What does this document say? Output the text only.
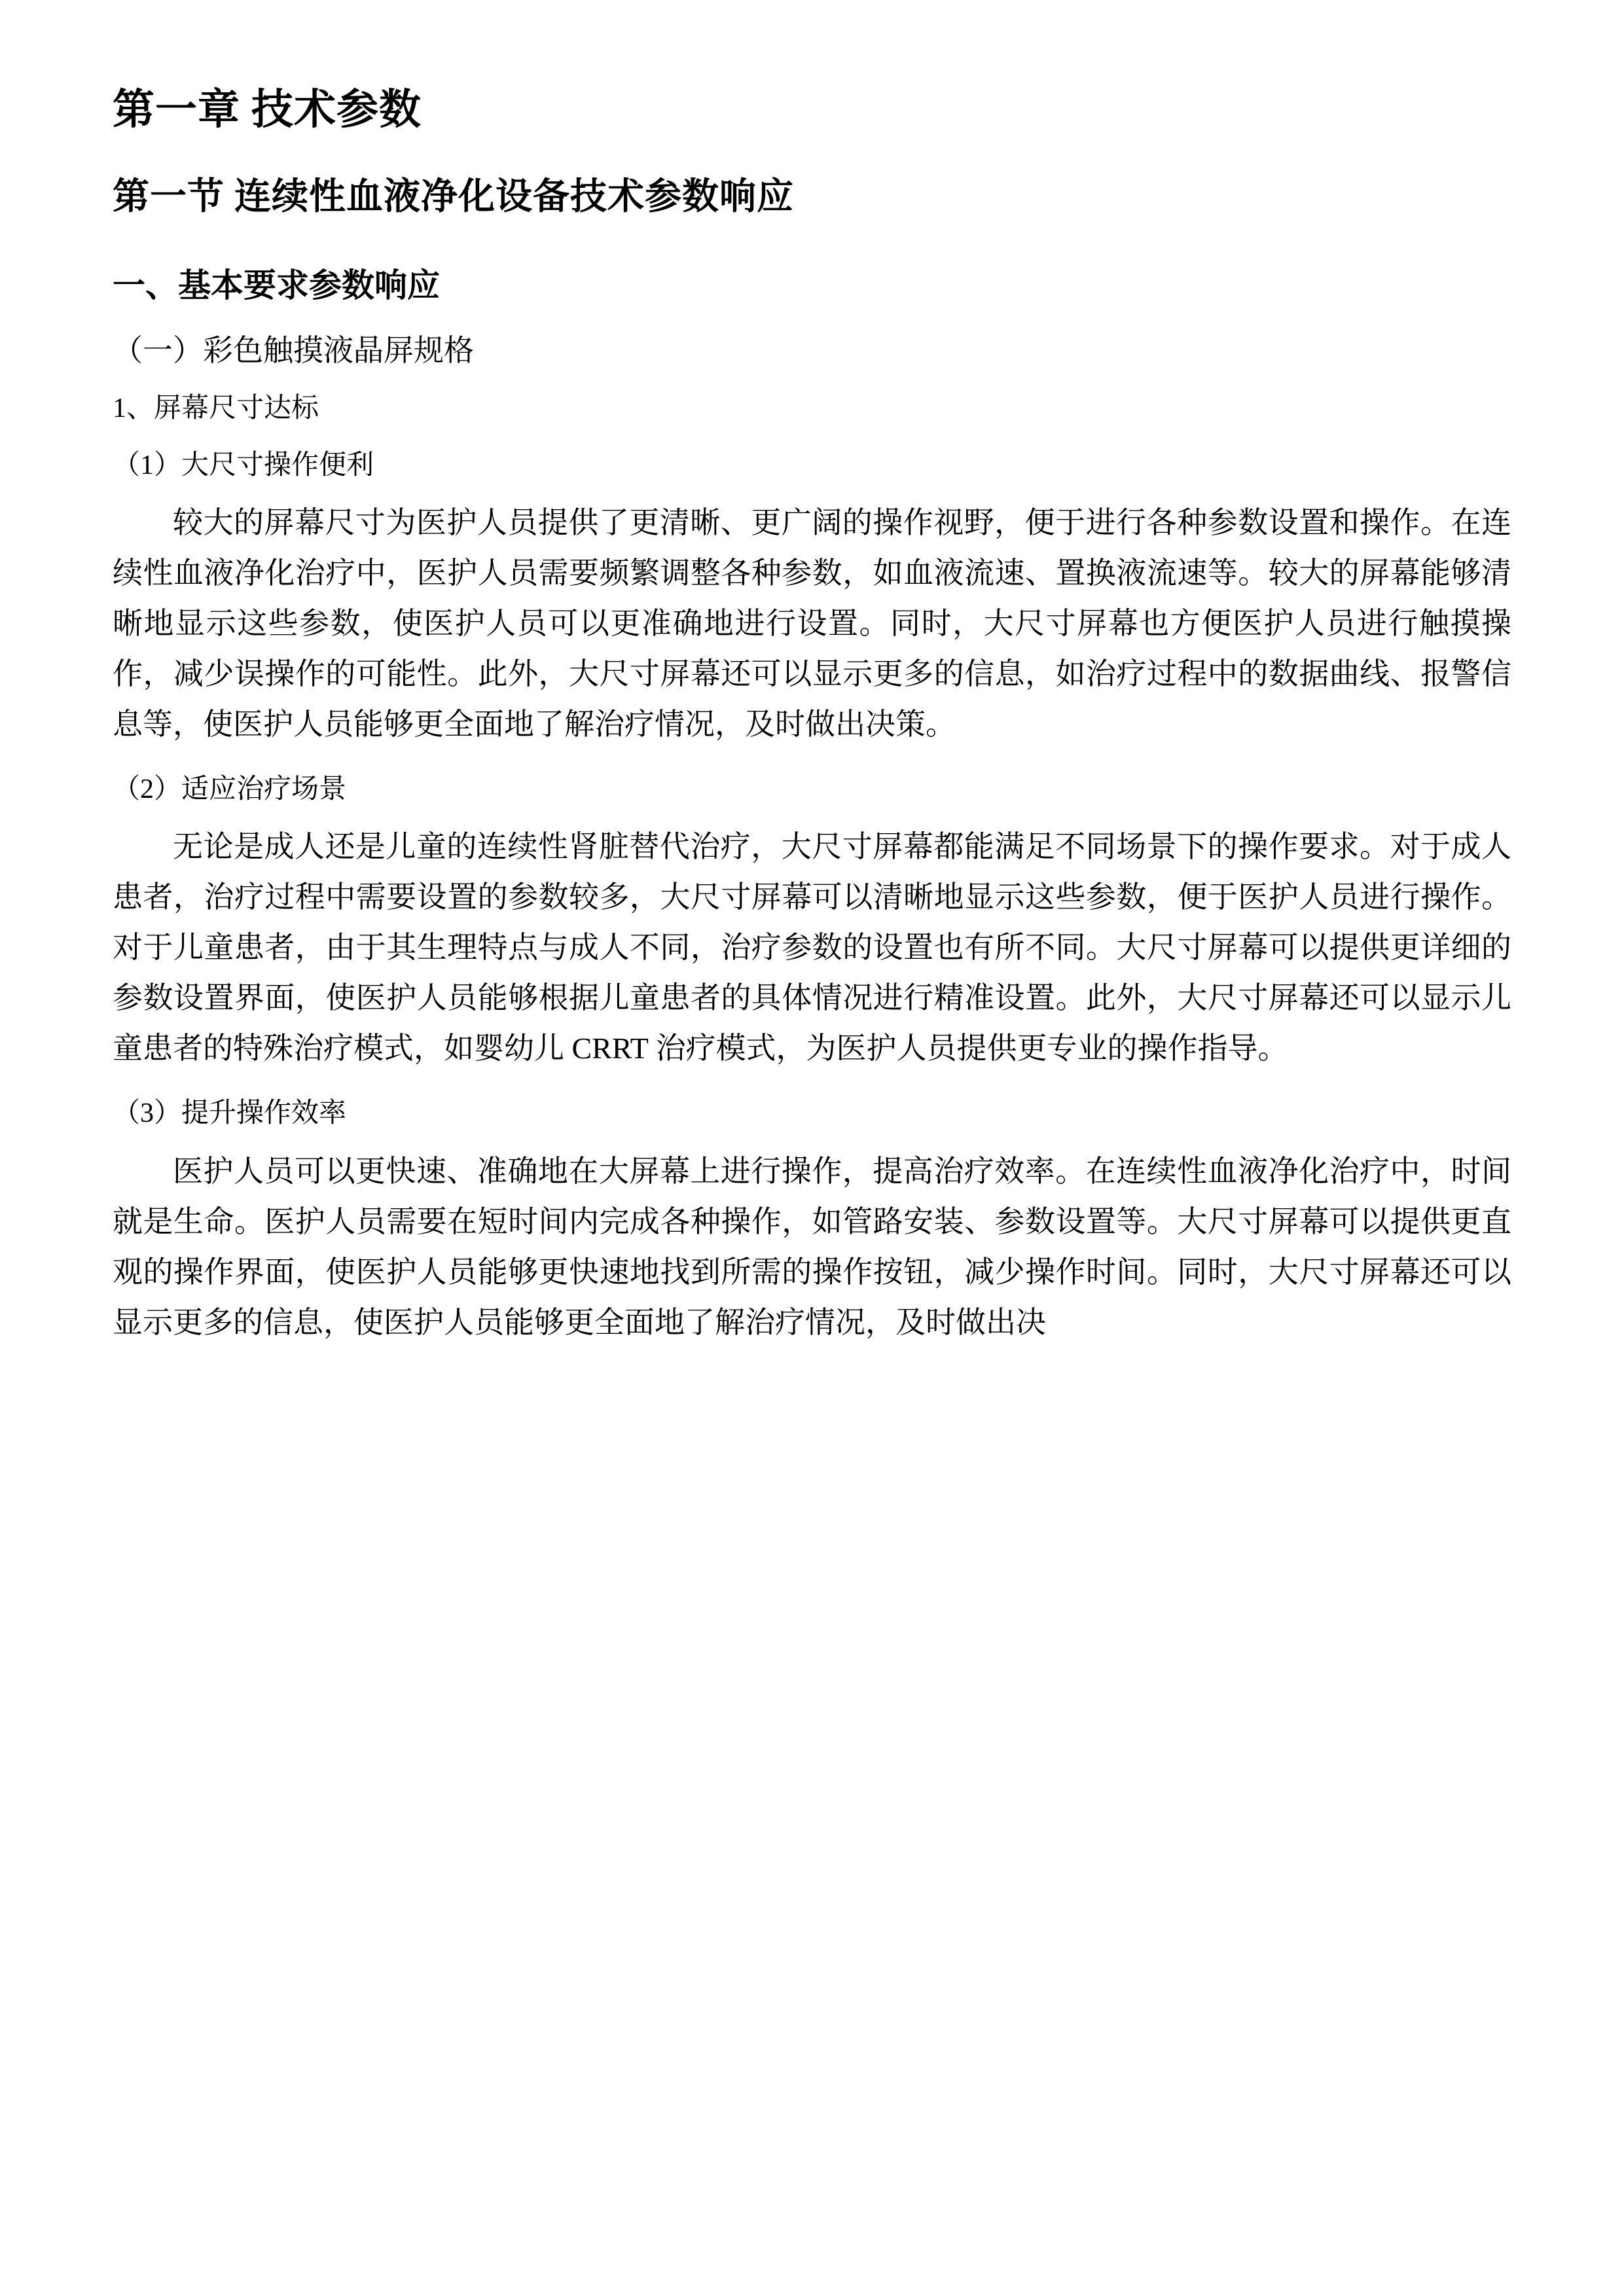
第一章 技术参数
第一节 连续性血液净化设备技术参数响应
一、基本要求参数响应
（一）彩色触摸液晶屏规格
1、屏幕尺寸达标
（1）大尺寸操作便利

较大的屏幕尺寸为医护人员提供了更清晰、更广阔的操作视野，便于进行各种参数设置和操作。在连续性血液净化治疗中，医护人员需要频繁调整各种参数，如血液流速、置换液流速等。较大的屏幕能够清晰地显示这些参数，使医护人员可以更准确地进行设置。同时，大尺寸屏幕也方便医护人员进行触摸操作，减少误操作的可能性。此外，大尺寸屏幕还可以显示更多的信息，如治疗过程中的数据曲线、报警信息等，使医护人员能够更全面地了解治疗情况，及时做出决策。

（2）适应治疗场景

无论是成人还是儿童的连续性肾脏替代治疗，大尺寸屏幕都能满足不同场景下的操作要求。对于成人患者，治疗过程中需要设置的参数较多，大尺寸屏幕可以清晰地显示这些参数，便于医护人员进行操作。对于儿童患者，由于其生理特点与成人不同，治疗参数的设置也有所不同。大尺寸屏幕可以提供更详细的参数设置界面，使医护人员能够根据儿童患者的具体情况进行精准设置。此外，大尺寸屏幕还可以显示儿童患者的特殊治疗模式，如婴幼儿 CRRT 治疗模式，为医护人员提供更专业的操作指导。

（3）提升操作效率

医护人员可以更快速、准确地在大屏幕上进行操作，提高治疗效率。在连续性血液净化治疗中，时间就是生命。医护人员需要在短时间内完成各种操作，如管路安装、参数设置等。大尺寸屏幕可以提供更直观的操作界面，使医护人员能够更快速地找到所需的操作按钮，减少操作时间。同时，大尺寸屏幕还可以显示更多的信息，使医护人员能够更全面地了解治疗情况，及时做出决
